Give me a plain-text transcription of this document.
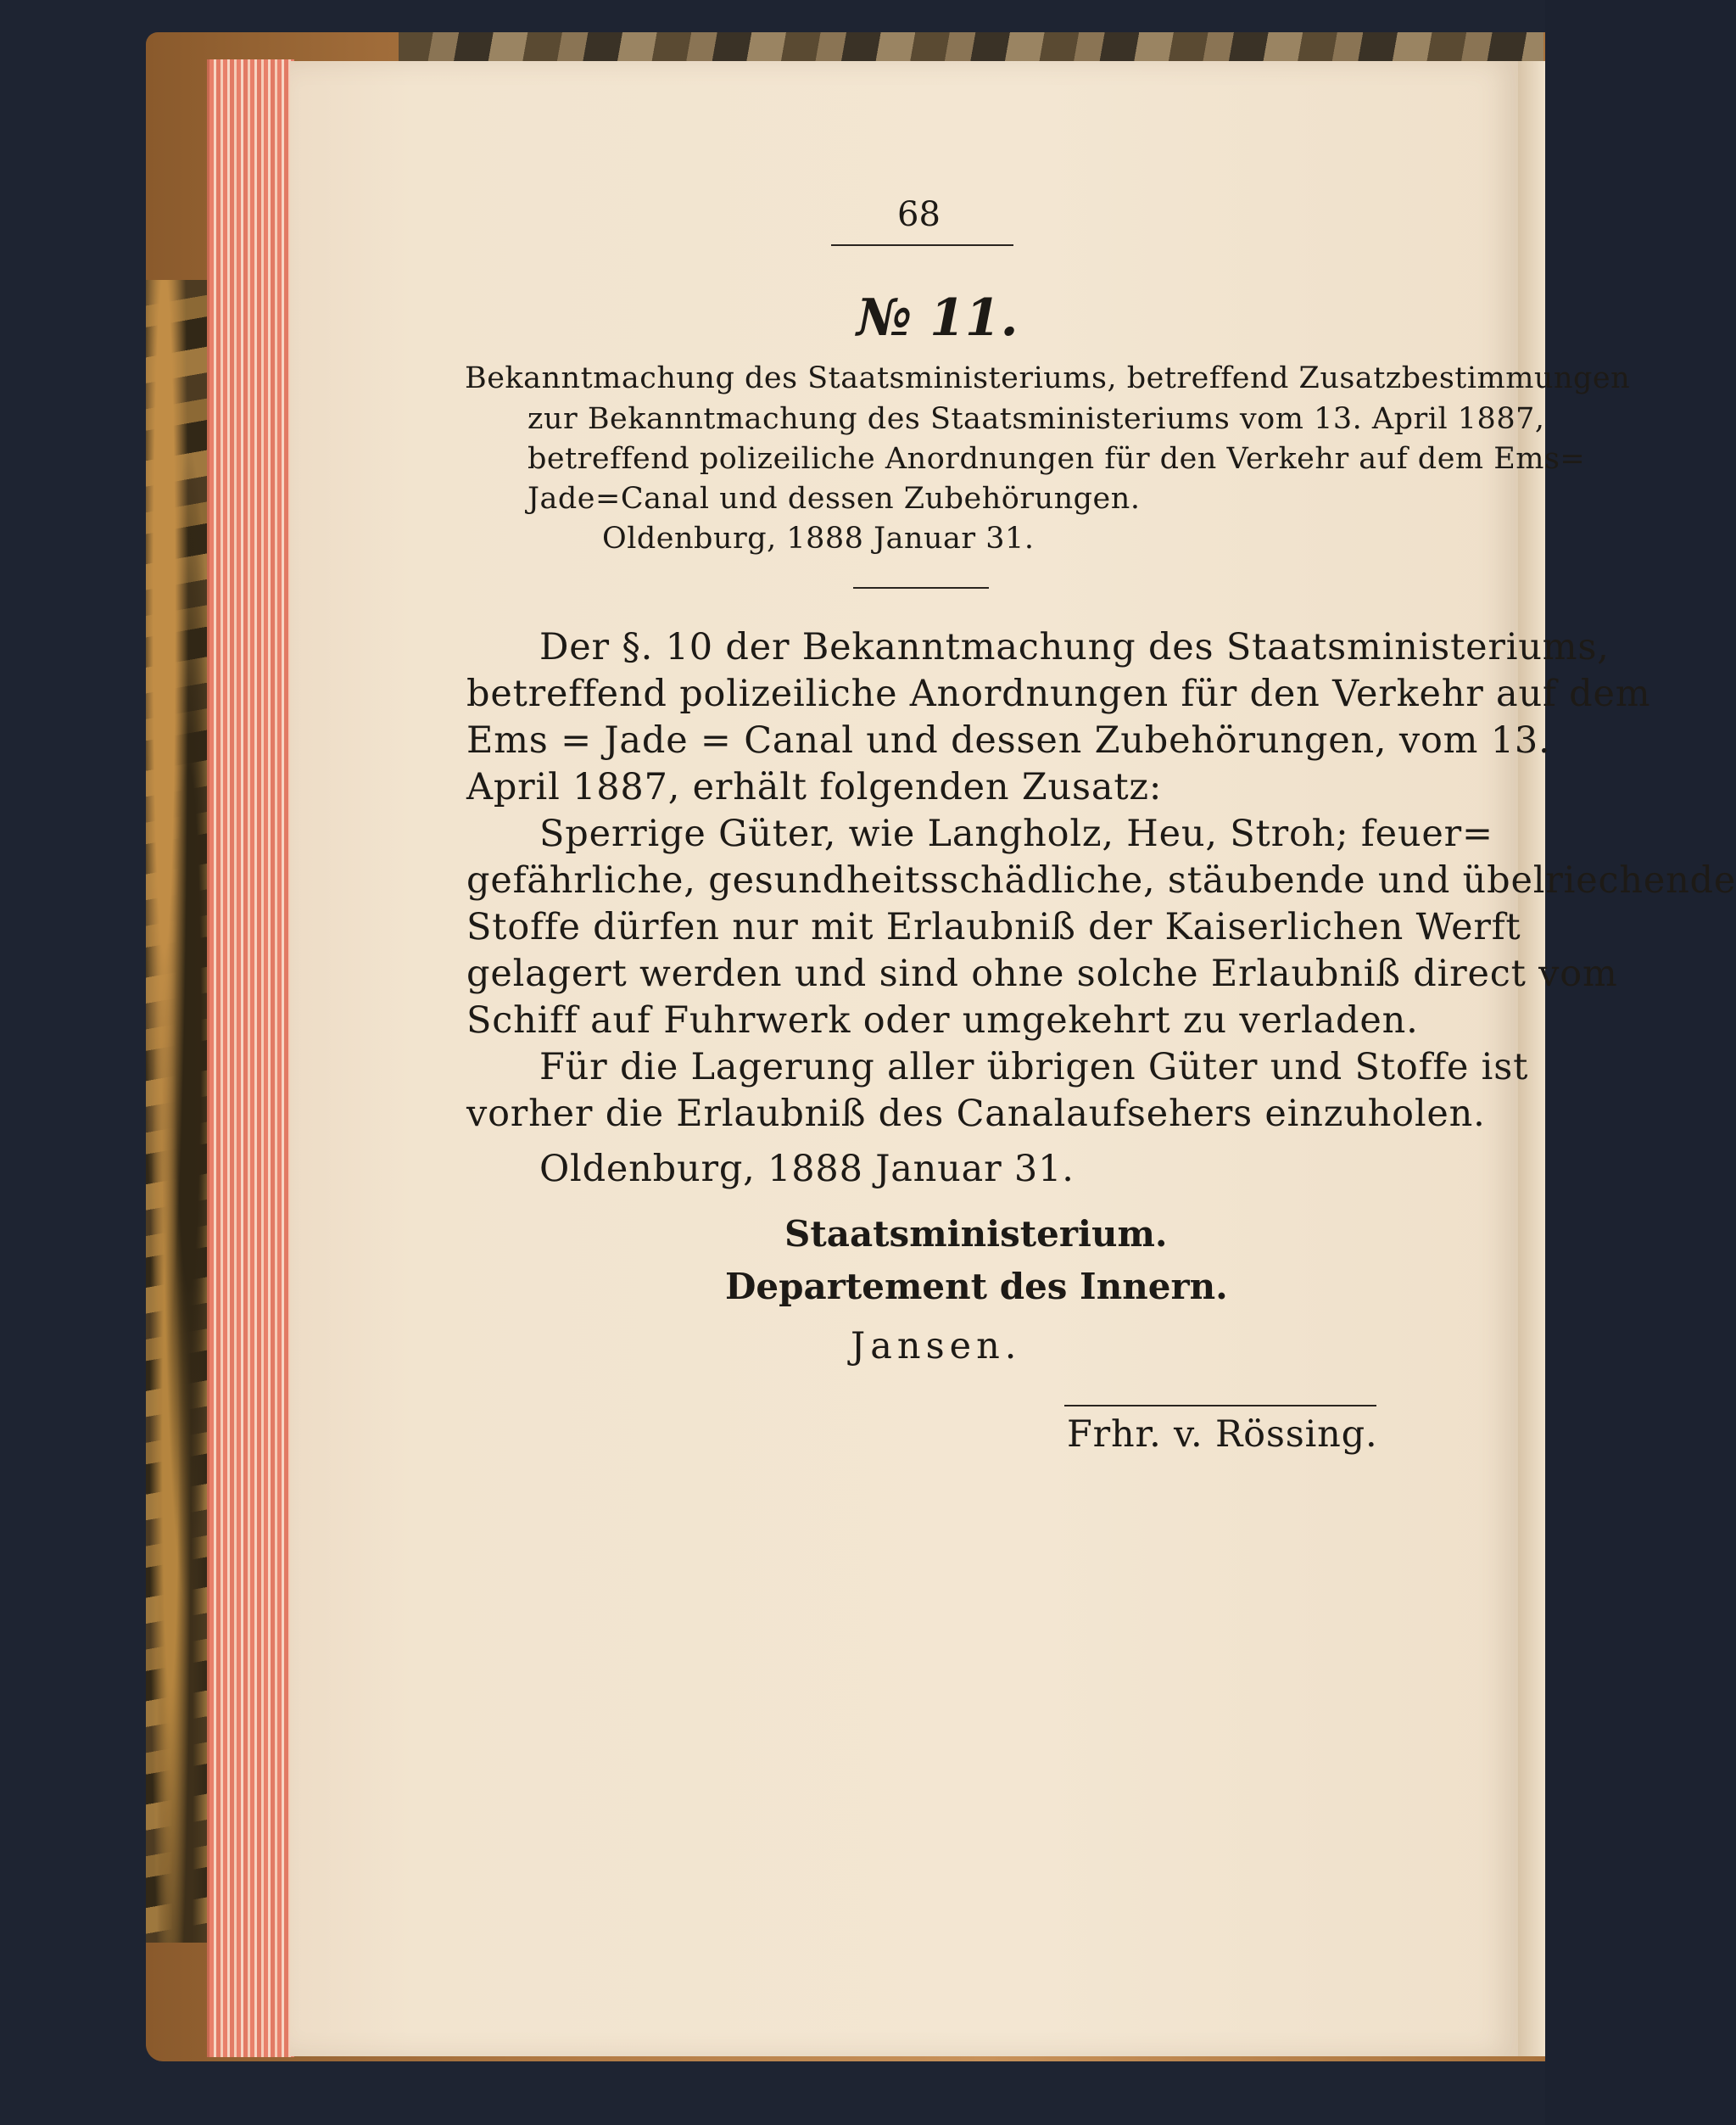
68
№ 11.
Bekanntmachung des Staatsministeriums, betreffend Zusatzbestimmungen
zur Bekanntmachung des Staatsministeriums vom 13. April 1887,
betreffend polizeiliche Anordnungen für den Verkehr auf dem Ems=
Jade=Canal und dessen Zubehörungen.
Oldenburg, 1888 Januar 31.
Der §. 10 der Bekanntmachung des Staatsministeriums,
betreffend polizeiliche Anordnungen für den Verkehr auf dem
Ems = Jade = Canal und dessen Zubehörungen, vom 13.
April 1887, erhält folgenden Zusatz:
Sperrige Güter, wie Langholz, Heu, Stroh; feuer=
gefährliche, gesundheitsschädliche, stäubende und übelriechende
Stoffe dürfen nur mit Erlaubniß der Kaiserlichen Werft
gelagert werden und sind ohne solche Erlaubniß direct vom
Schiff auf Fuhrwerk oder umgekehrt zu verladen.
Für die Lagerung aller übrigen Güter und Stoffe ist
vorher die Erlaubniß des Canalaufsehers einzuholen.
Oldenburg, 1888 Januar 31.
Staatsministerium.
Departement des Innern.
Jansen.
Frhr. v. Rössing.
